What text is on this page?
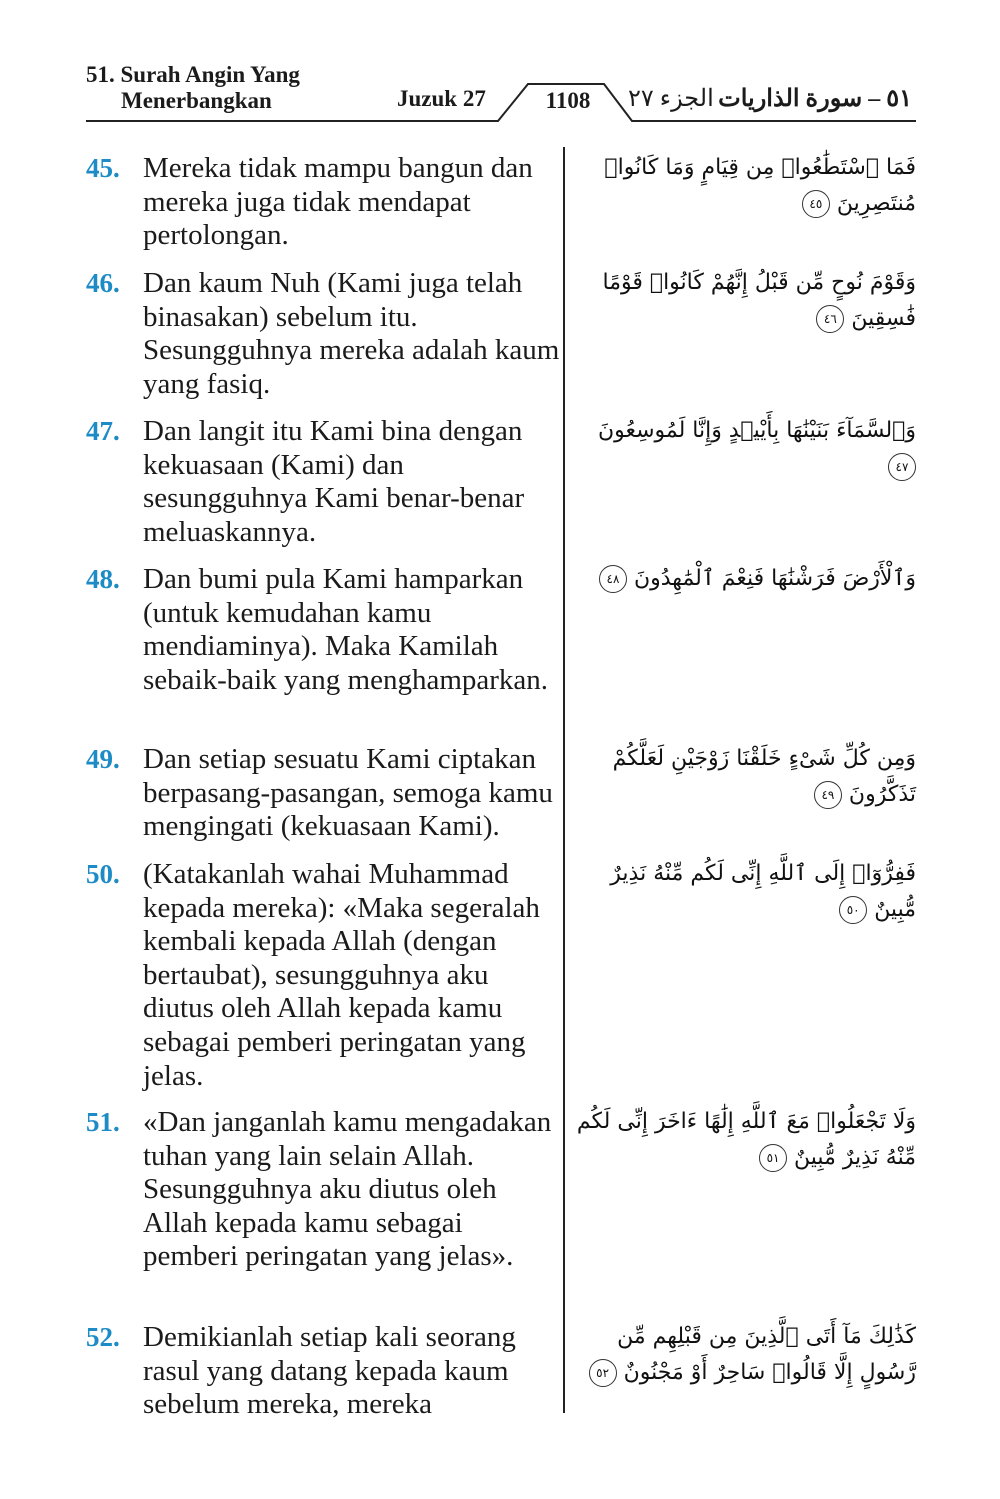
51. Surah Angin Yang
Menerbangkan	Juzuk 27	1108	الجزء ٢٧ ٥١ – سورة الذاريات
45. Mereka tidak mampu bangun dan mereka juga tidak mendapat pertolongan.
فَمَا ٱسْتَطَٰعُوا۟ مِن قِيَامٍ وَمَا كَانُوا۟ مُنتَصِرِينَ ٤٥
46. Dan kaum Nuh (Kami juga telah binasakan) sebelum itu. Sesungguhnya mereka adalah kaum yang fasiq.
وَقَوْمَ نُوحٍ مِّن قَبْلُ إِنَّهُمْ كَانُوا۟ قَوْمًا فَٰسِقِينَ ٤٦
47. Dan langit itu Kami bina dengan kekuasaan (Kami) dan sesungguhnya Kami benar-benar meluaskannya.
وَٱلسَّمَآءَ بَنَيْنَٰهَا بِأَيْي۟دٍ وَإِنَّا لَمُوسِعُونَ ٤٧
48. Dan bumi pula Kami hamparkan (untuk kemudahan kamu mendiaminya). Maka Kamilah sebaik-baik yang menghamparkan.
وَٱلْأَرْضَ فَرَشْنَٰهَا فَنِعْمَ ٱلْمَٰهِدُونَ ٤٨
49. Dan setiap sesuatu Kami ciptakan berpasang-pasangan, semoga kamu mengingati (kekuasaan Kami).
وَمِن كُلِّ شَىْءٍ خَلَقْنَا زَوْجَيْنِ لَعَلَّكُمْ تَذَكَّرُونَ ٤٩
50. (Katakanlah wahai Muhammad kepada mereka): «Maka segeralah kembali kepada Allah (dengan bertaubat), sesungguhnya aku diutus oleh Allah kepada kamu sebagai pemberi peringatan yang jelas.
فَفِرُّوٓا۟ إِلَى ٱللَّهِ إِنِّى لَكُم مِّنْهُ نَذِيرٌ مُّبِينٌ ٥٠
51. «Dan janganlah kamu mengadakan tuhan yang lain selain Allah. Sesungguhnya aku diutus oleh Allah kepada kamu sebagai pemberi peringatan yang jelas».
وَلَا تَجْعَلُوا۟ مَعَ ٱللَّهِ إِلَٰهًا ءَاخَرَ إِنِّى لَكُم مِّنْهُ نَذِيرٌ مُّبِينٌ ٥١
52. Demikianlah setiap kali seorang rasul yang datang kepada kaum sebelum mereka, mereka
كَذَٰلِكَ مَآ أَتَى ٱلَّذِينَ مِن قَبْلِهِم مِّن رَّسُولٍ إِلَّا قَالُوا۟ سَاحِرٌ أَوْ مَجْنُونٌ ٥٢
